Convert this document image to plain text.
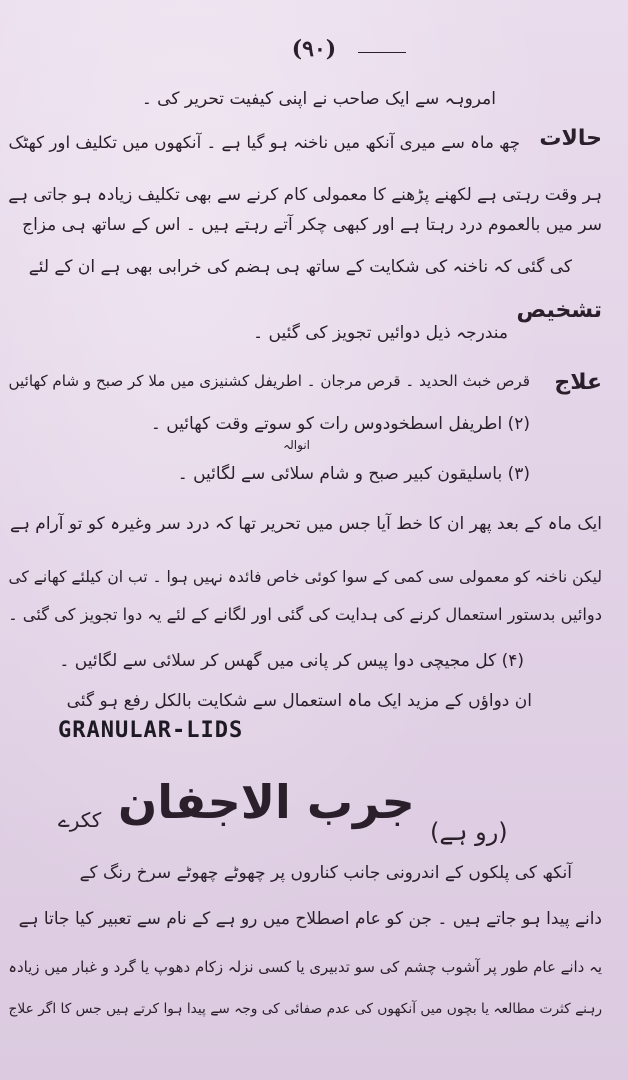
(۹۰)
امروہہ سے ایک صاحب نے اپنی کیفیت تحریر کی ۔
چھ ماہ سے میری آنکھ میں ناخنہ ہو گیا ہے ۔ آنکھوں میں تکلیف اور کھٹک حالات
ہر وقت رہتی ہے لکھنے پڑھنے کا معمولی کام کرنے سے بھی تکلیف زیادہ ہو جاتی ہے
سر میں بالعموم درد رہتا ہے اور کبھی چکر آتے رہتے ہیں ۔ اس کے ساتھ ہی مزاج
کی گئی کہ ناخنہ کی شکایت کے ساتھ ہی ہضم کی خرابی بھی ہے ان کے لئے
تشخیص
مندرجہ ذیل دوائیں تجویز کی گئیں ۔
علاج
قرص خبث الحدید ۔ قرص مرجان ۔ اطریفل کشنیزی میں ملا کر صبح و شام کھائیں
(۲) اطریفل اسطخودوس رات کو سوتے وقت کھائیں ۔
انوالہ
(۳) باسلیقون کبیر صبح و شام سلائی سے لگائیں ۔
ایک ماہ کے بعد پھر ان کا خط آیا جس میں تحریر تھا کہ درد سر وغیرہ کو تو آرام ہے
لیکن ناخنہ کو معمولی سی کمی کے سوا کوئی خاص فائدہ نہیں ہوا ۔ تب ان کیلئے کھانے کی
دوائیں بدستور استعمال کرنے کی ہدایت کی گئی اور لگانے کے لئے یہ دوا تجویز کی گئی ۔
(۴) کل مجیچی دوا پیس کر پانی میں گھس کر سلائی سے لگائیں ۔
ان دواؤں کے مزید ایک ماہ استعمال سے شکایت بالکل رفع ہو گئی
GRANULAR-LIDS
ککرے جرب الاجفان
(رو ہے)
آنکھ کی پلکوں کے اندرونی جانب کناروں پر چھوٹے چھوٹے سرخ رنگ کے
دانے پیدا ہو جاتے ہیں ۔ جن کو عام اصطلاح میں رو ہے کے نام سے تعبیر کیا جاتا ہے
یہ دانے عام طور پر آشوب چشم کی سو تدبیری یا کسی نزلہ زکام دھوپ یا گرد و غبار میں زیادہ
رہنے کثرت مطالعہ یا بچوں میں آنکھوں کی عدم صفائی کی وجہ سے پیدا ہوا کرتے ہیں جس کا اگر علاج
